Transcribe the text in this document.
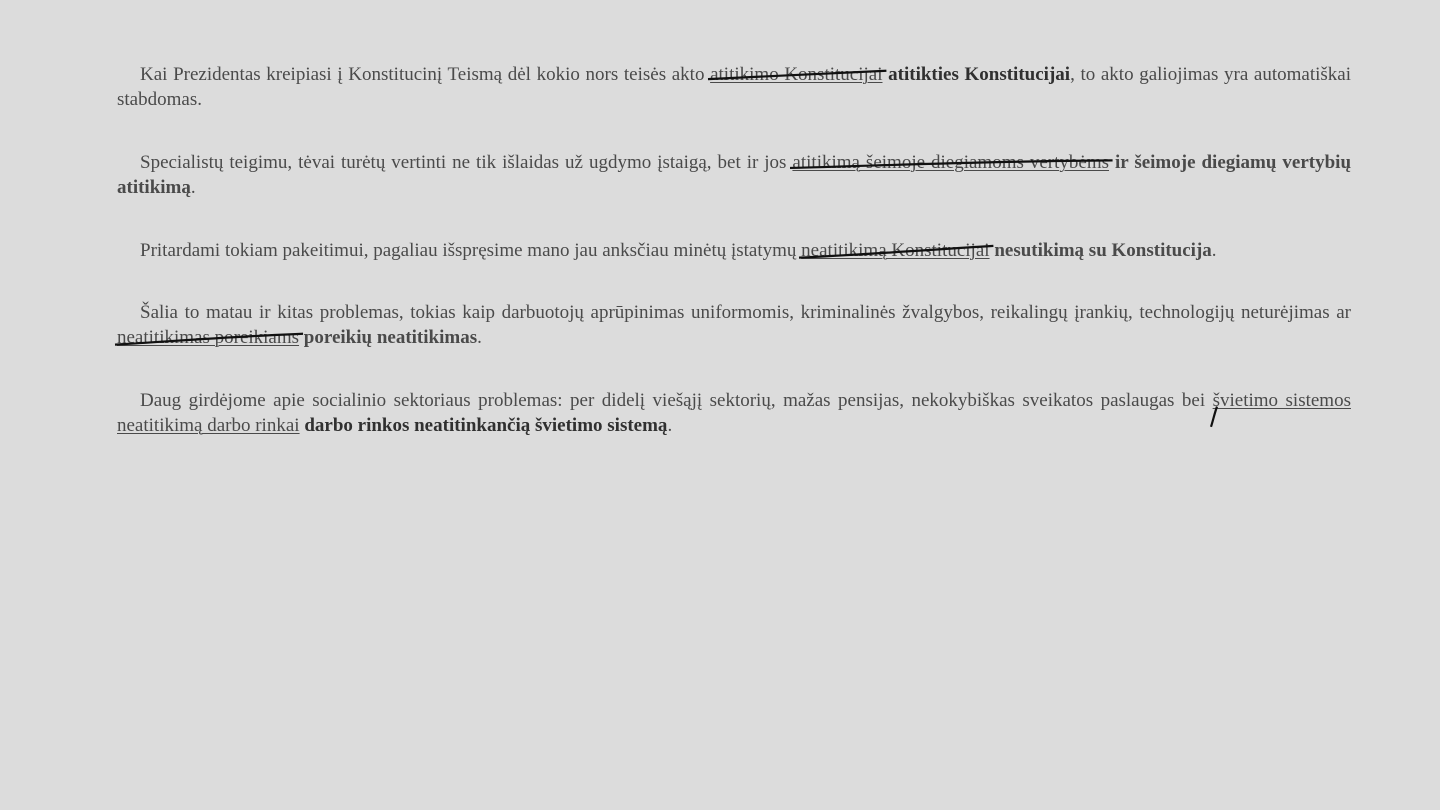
Kai Prezidentas kreipiasi į Konstitucinį Teismą dėl kokio nors teisės akto atitikimo Konstitucijai atitikties Konstitucijai, to akto galiojimas yra automatiškai stabdomas.

Specialistų teigimu, tėvai turėtų vertinti ne tik išlaidas už ugdymo įstaigą, bet ir jos atitikimą šeimoje diegiamoms vertybėms ir šeimoje diegiamų vertybių atitikimą.

Pritardami tokiam pakeitimui, pagaliau išspręsime mano jau anksčiau minėtų įstatymų neatitikimą Konstitucijai nesutikimą su Konstitucija.

Šalia to matau ir kitas problemas, tokias kaip darbuotojų aprūpinimas uniformomis, kriminalinės žvalgybos, reikalingų įrankių, technologijų neturėjimas ar neatitikimas poreikiams poreikių neatitikimas.

Daug girdėjome apie socialinio sektoriaus problemas: per didelį viešąjį sektorių, mažas pensijas, nekokybiškas sveikatos paslaugas bei švietimo sistemos neatitikimą darbo rinkai darbo rinkos neatitinkančią švietimo sistemą.
